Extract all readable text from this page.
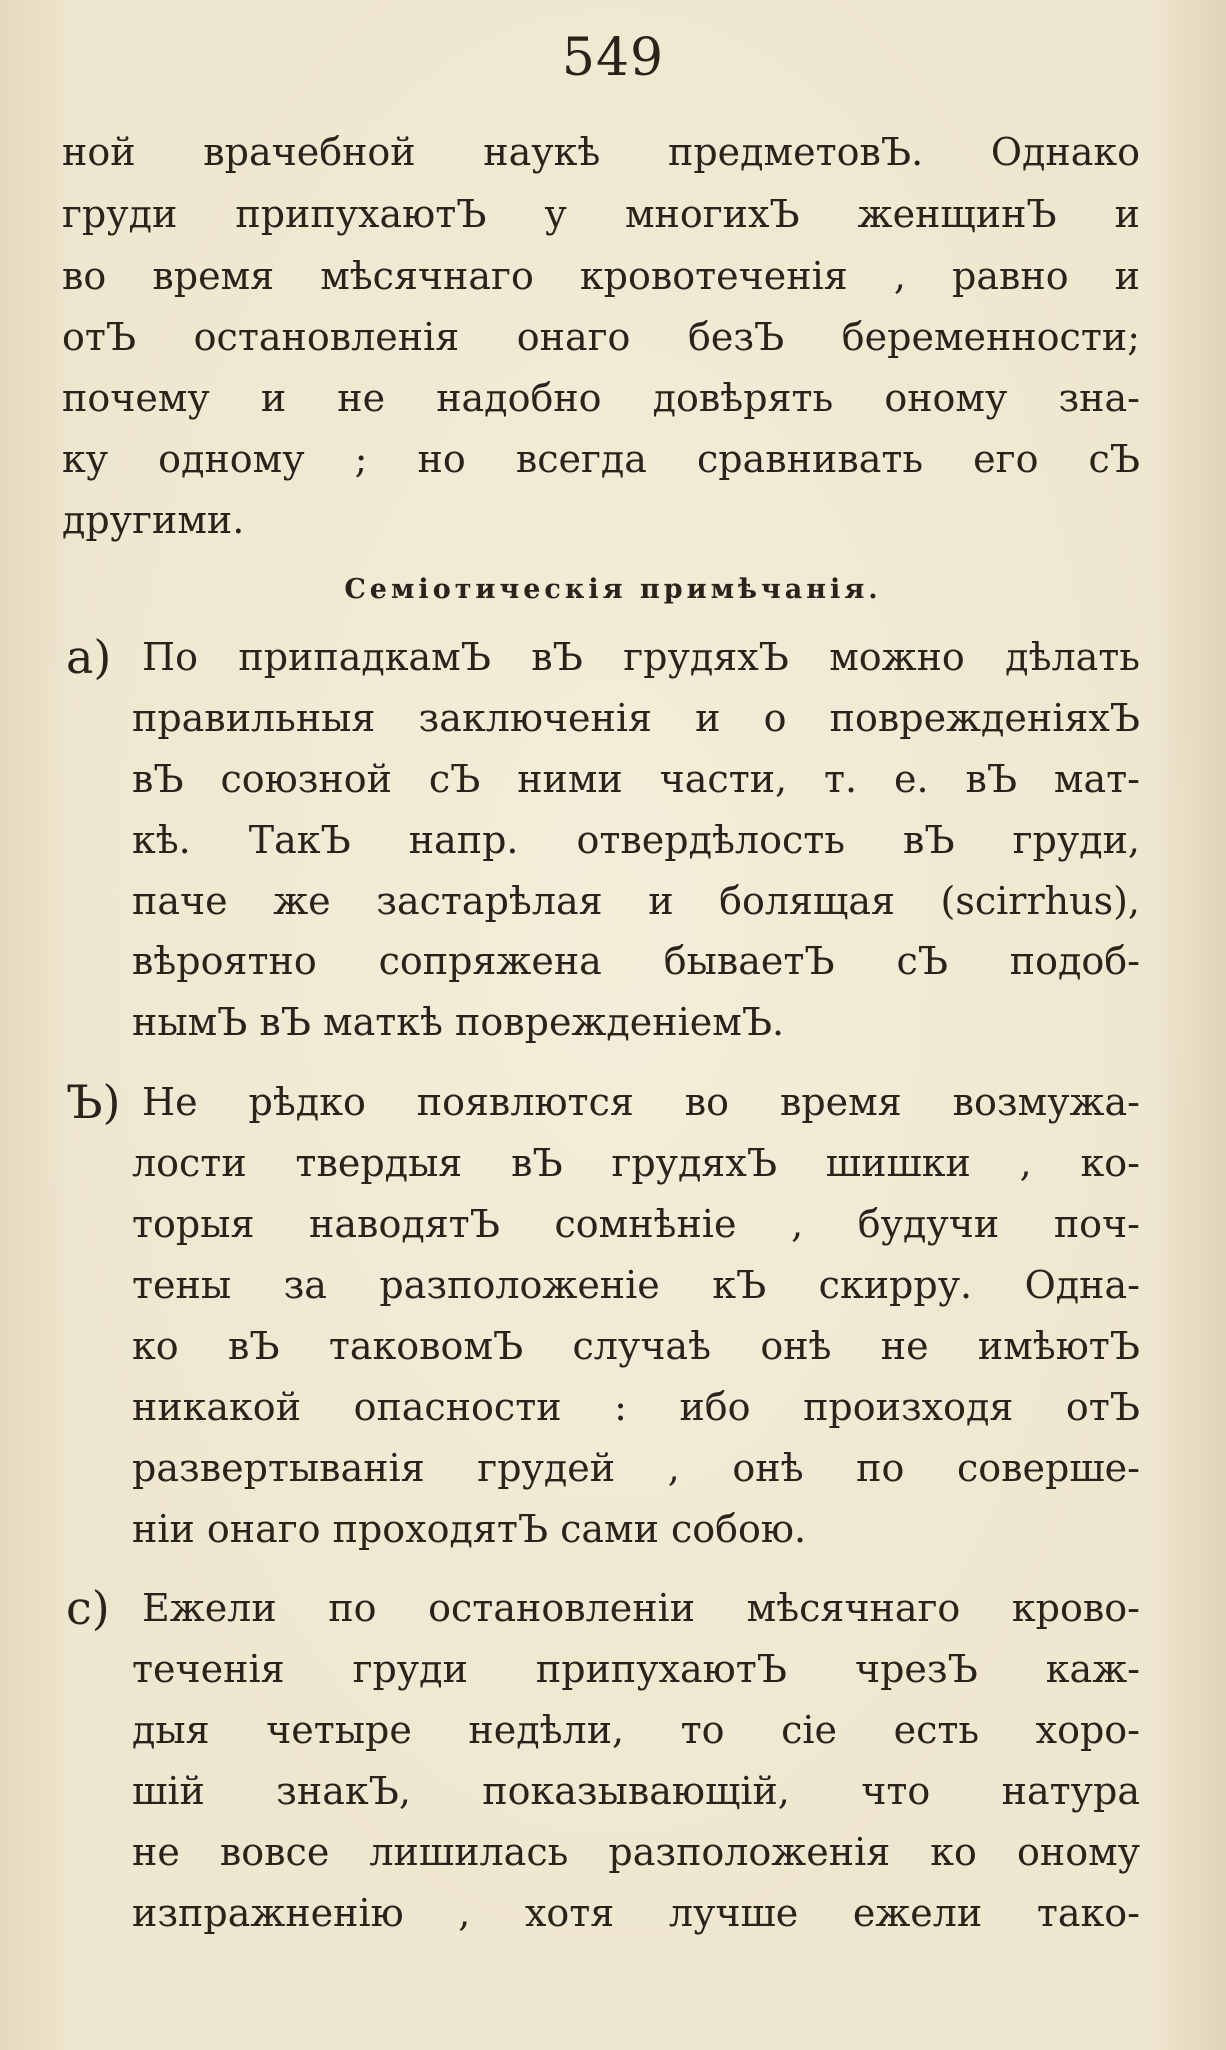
549
ной врачебной наукѣ предметовЪ. Однако
груди припухаютЪ у многихЪ женщинЪ и
во время мѣсячнаго кровотеченія , равно и
отЪ остановленія онаго безЪ беременности;
почему и не надобно довѣрять оному зна-
ку одному ; но всегда сравнивать его сЪ
другими.
Семіотическія примѣчанія.
a) По припадкамЪ вЪ грудяхЪ можно дѣлать
правильныя заключенія и о поврежденіяхЪ
вЪ союзной сЪ ними части, т. е. вЪ мат-
кѣ. ТакЪ напр. отвердѣлость вЪ груди,
паче же застарѣлая и болящая (scirrhus),
вѣроятно сопряжена бываетЪ сЪ подоб-
нымЪ вЪ маткѣ поврежденіемЪ.
Ъ) Не рѣдко появлются во время возмужа-
лости твердыя вЪ грудяхЪ шишки , ко-
торыя наводятЪ сомнѣніе , будучи поч-
тены за разположеніе кЪ скирру. Одна-
ко вЪ таковомЪ случаѣ онѣ не имѣютЪ
никакой опасности : ибо произходя отЪ
развертыванія грудей , онѣ по соверше-
ніи онаго проходятЪ сами собою.
c) Ежели по остановленіи мѣсячнаго крово-
теченія груди припухаютЪ чрезЪ каж-
дыя четыре недѣли, то сіе есть хоро-
шій знакЪ, показывающій, что натура
не вовсе лишилась разположенія ко оному
изпражненію , хотя лучше ежели тако-
